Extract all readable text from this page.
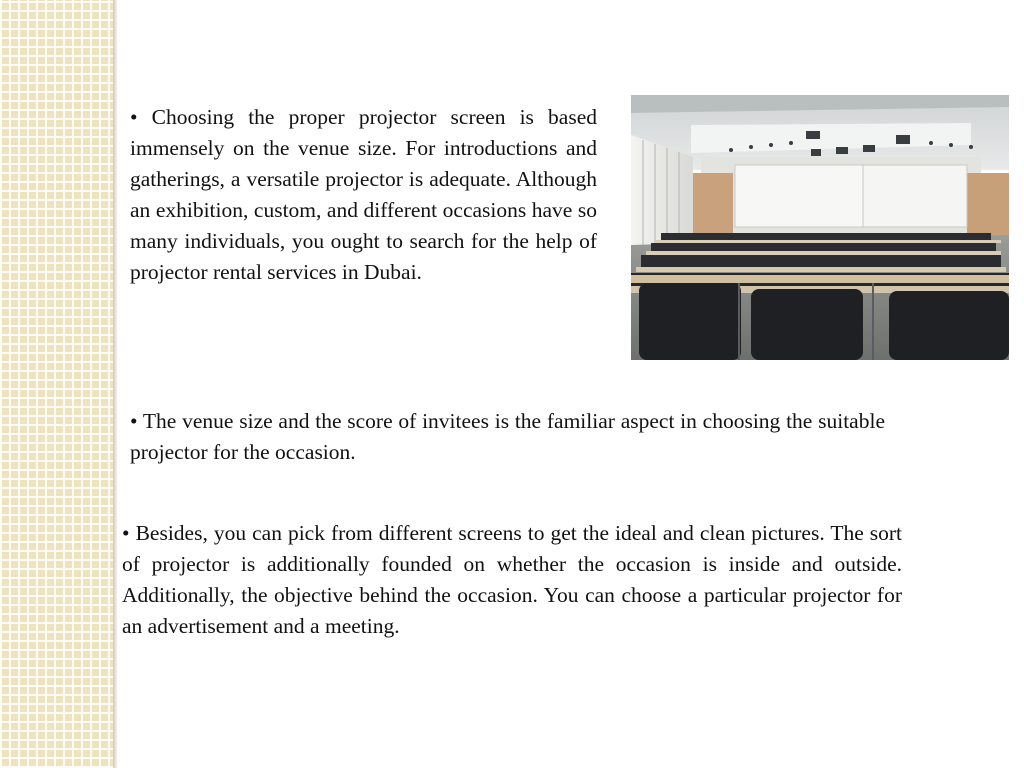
• Choosing the proper projector screen is based immensely on the venue size. For introductions and gatherings, a versatile projector is adequate. Although an exhibition, custom, and different occasions have so many individuals, you ought to search for the help of projector rental services in Dubai.

• The venue size and the score of invitees is the familiar aspect in choosing the suitable projector for the occasion.

• Besides, you can pick from different screens to get the ideal and clean pictures. The sort of projector is additionally founded on whether the occasion is inside and outside. Additionally, the objective behind the occasion. You can choose a particular projector for an advertisement and a meeting.
